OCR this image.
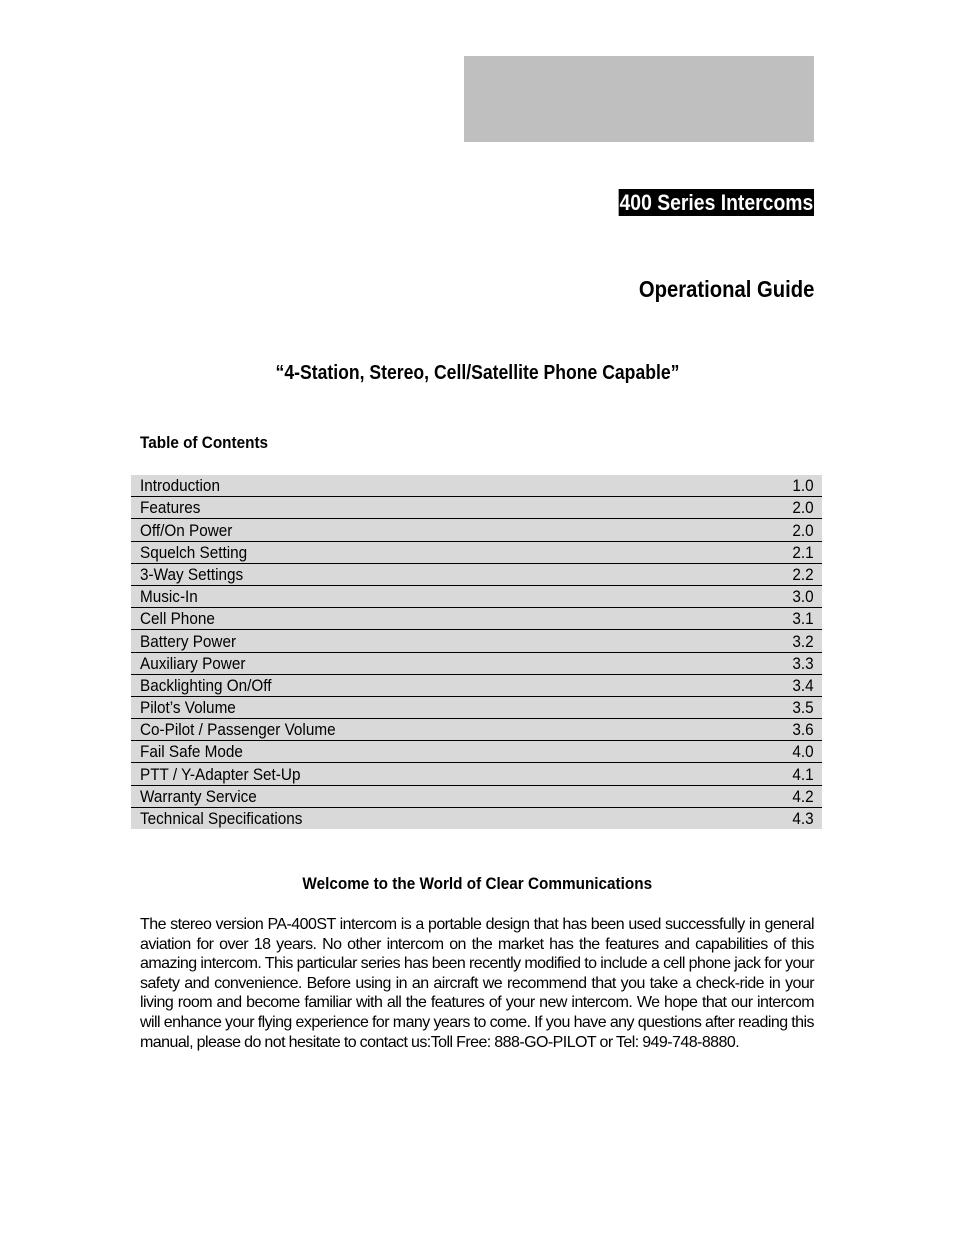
400 Series Intercoms
Operational Guide
“4-Station, Stereo, Cell/Satellite Phone Capable”
Table of Contents
Introduction	1.0
Features	2.0
Off/On Power	2.0
Squelch Setting	2.1
3-Way Settings	2.2
Music-In	3.0
Cell Phone	3.1
Battery Power	3.2
Auxiliary Power	3.3
Backlighting On/Off	3.4
Pilot’s Volume	3.5
Co-Pilot / Passenger Volume	3.6
Fail Safe Mode	4.0
PTT / Y-Adapter Set-Up	4.1
Warranty Service	4.2
Technical Specifications	4.3
Welcome to the World of Clear Communications
The stereo version PA-400ST intercom is a portable design that has been used successfully in general aviation for over 18 years. No other intercom on the market has the features and capabilities of this amazing intercom. This particular series has been recently modified to include a cell phone jack for your safety and convenience. Before using in an aircraft we recommend that you take a check-ride in your living room and become familiar with all the features of your new intercom. We hope that our intercom will enhance your flying experience for many years to come. If you have any questions after reading this manual, please do not hesitate to contact us:Toll Free: 888-GO-PILOT or Tel: 949-748-8880.
